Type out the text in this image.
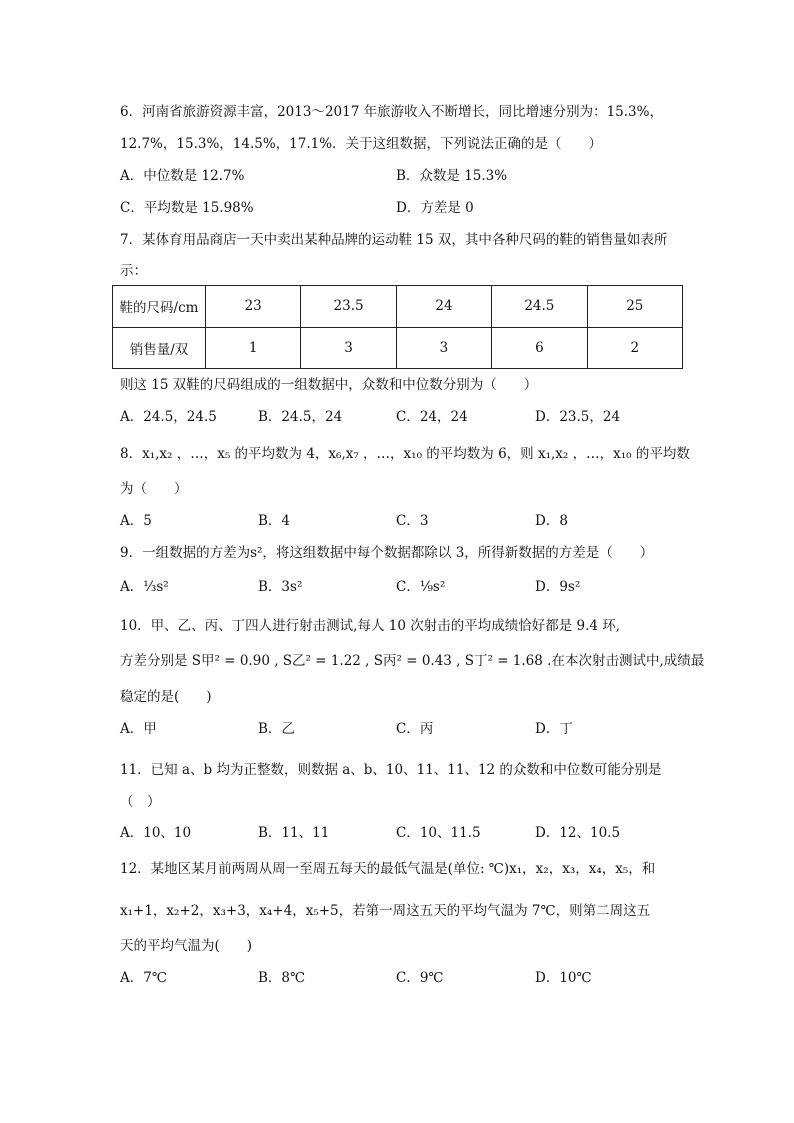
6．河南省旅游资源丰富，2013～2017 年旅游收入不断增长，同比增速分别为：15.3%，
12.7%，15.3%，14.5%，17.1%．关于这组数据，下列说法正确的是（　　）
A．中位数是 12.7%	B．众数是 15.3%
C．平均数是 15.98%	D．方差是 0
7．某体育用品商店一天中卖出某种品牌的运动鞋 15 双，其中各种尺码的鞋的销售量如表所
示：
鞋的尺码/cm	23	23.5	24	24.5	25
销售量/双	1	3	3	6	2
则这 15 双鞋的尺码组成的一组数据中，众数和中位数分别为（　　）
A．24.5，24.5	B．24.5，24	C．24，24	D．23.5，24
8．x₁,x₂ ，…，x₅ 的平均数为 4，x₆,x₇ ，…，x₁₀ 的平均数为 6，则 x₁,x₂ ，…，x₁₀ 的平均数
为（　　）
A．5	B．4	C．3	D．8
9．一组数据的方差为s²，将这组数据中每个数据都除以 3，所得新数据的方差是（　　）
A．⅓s²	B．3s²	C．⅑s²	D．9s²
10．甲、乙、丙、丁四人进行射击测试,每人 10 次射击的平均成绩恰好都是 9.4 环,
方差分别是 S甲² = 0.90 , S乙² = 1.22 , S丙² = 0.43 , S丁² = 1.68 .在本次射击测试中,成绩最
稳定的是(　　)
A．甲	B．乙	C．丙	D．丁
11．已知 a、b 均为正整数，则数据 a、b、10、11、11、12 的众数和中位数可能分别是
（　）
A．10、10	B．11、11	C．10、11.5	D．12、10.5
12．某地区某月前两周从周一至周五每天的最低气温是(单位: ℃)x₁，x₂，x₃，x₄，x₅，和
x₁+1，x₂+2，x₃+3，x₄+4，x₅+5，若第一周这五天的平均气温为 7℃，则第二周这五
天的平均气温为(　　)
A．7℃	B．8℃	C．9℃	D．10℃
